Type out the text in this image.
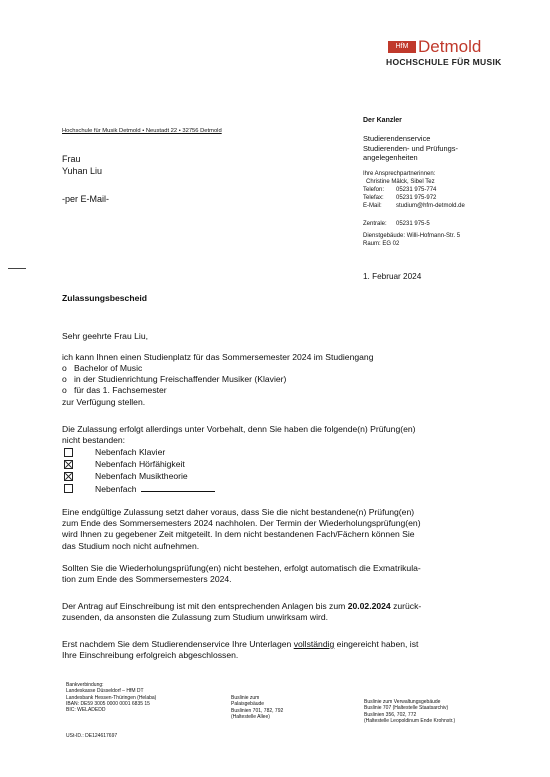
HfM Detmold
HOCHSCHULE FÜR MUSIK
Hochschule für Musik Detmold • Neustadt 22 • 32756 Detmold
Frau
Yuhan Liu
-per E-Mail-
Der Kanzler
Studierendenservice
Studierenden- und Prüfungs-
angelegenheiten
Ihre Ansprechpartnerinnen:
Christine Mälck, Sibel Tez
Telefon: 05231 975-774
Telefax: 05231 975-972
E-Mail: studium@hfm-detmold.de
Zentrale: 05231 975-5
Dienstgebäude: Willi-Hofmann-Str. 5
Raum: EG 02
1. Februar 2024
Zulassungsbescheid
Sehr geehrte Frau Liu,
ich kann Ihnen einen Studienplatz für das Sommersemester 2024 im Studiengang
o Bachelor of Music
o in der Studienrichtung Freischaffender Musiker (Klavier)
o für das 1. Fachsemester
zur Verfügung stellen.
Die Zulassung erfolgt allerdings unter Vorbehalt, denn Sie haben die folgende(n) Prüfung(en)
nicht bestanden:
Nebenfach Klavier
Nebenfach Hörfähigkeit
Nebenfach Musiktheorie
Nebenfach
Eine endgültige Zulassung setzt daher voraus, dass Sie die nicht bestandene(n) Prüfung(en)
zum Ende des Sommersemesters 2024 nachholen. Der Termin der Wiederholungsprüfung(en)
wird Ihnen zu gegebener Zeit mitgeteilt. In dem nicht bestandenen Fach/Fächern können Sie
das Studium noch nicht aufnehmen.
Sollten Sie die Wiederholungsprüfung(en) nicht bestehen, erfolgt automatisch die Exmatrikula-
tion zum Ende des Sommersemesters 2024.
Der Antrag auf Einschreibung ist mit den entsprechenden Anlagen bis zum 20.02.2024 zurück-
zusenden, da ansonsten die Zulassung zum Studium unwirksam wird.
Erst nachdem Sie dem Studierendenservice Ihre Unterlagen vollständig eingereicht haben, ist
Ihre Einschreibung erfolgreich abgeschlossen.
Bankverbindung:
Landeskasse Düsseldorf – HfM DT
Landesbank Hessen-Thüringen (Helaba)
IBAN: DE59 3005 0000 0001 6835 15
BIC: WELADEDD
USt-ID.: DE124617697
Buslinie zum
Palaisgebäude
Buslinien 701, 782, 792
(Haltestelle Allee)
Buslinie zum Verwaltungsgebäude
Buslinie 707 (Haltestelle Staatsarchiv)
Buslinien 356, 702, 772
(Haltestelle Leopoldinum Ende Krohnstr.)
